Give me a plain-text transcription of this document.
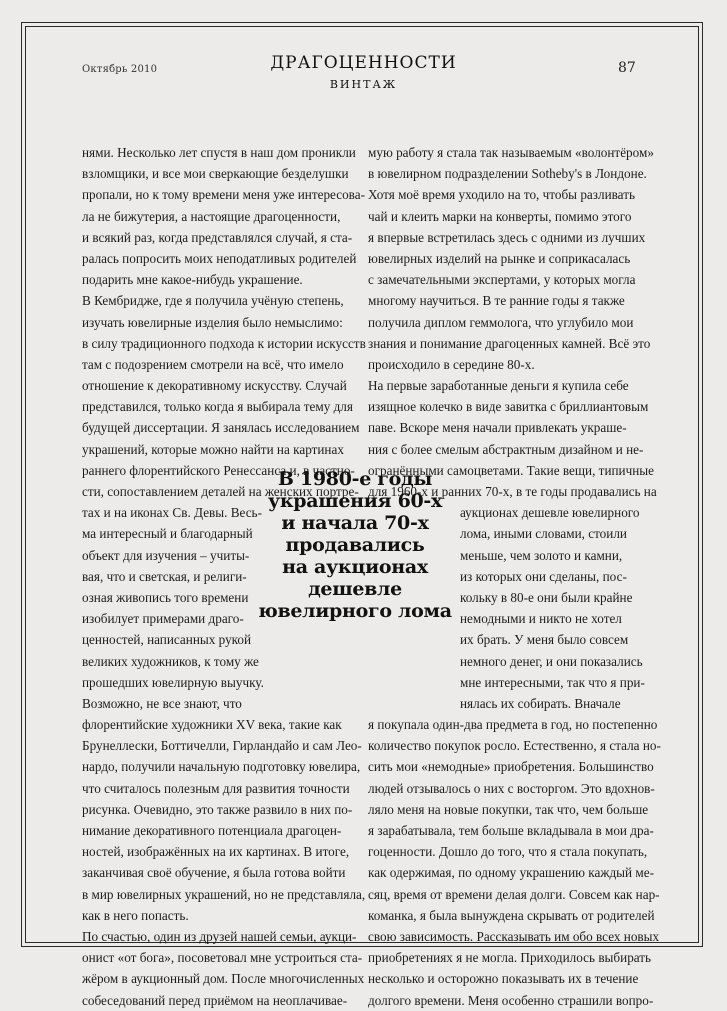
Октябрь 2010	ДРАГОЦЕННОСТИ
ВИНТАЖ
87
нями. Несколько лет спустя в наш дом проникли
взломщики, и все мои сверкающие безделушки
пропали, но к тому времени меня уже интересова-
ла не бижутерия, а настоящие драгоценности,
и всякий раз, когда представлялся случай, я ста-
ралась попросить моих неподатливых родителей
подарить мне какое-нибудь украшение.
В Кембридже, где я получила учёную степень,
изучать ювелирные изделия было немыслимо:
в силу традиционного подхода к истории искусств
там с подозрением смотрели на всё, что имело
отношение к декоративному искусству. Случай
представился, только когда я выбирала тему для
будущей диссертации. Я занялась исследованием
украшений, которые можно найти на картинах
раннего флорентийского Ренессанса и, в частно-
сти, сопоставлением деталей на женских портре-
тах и на иконах Св. Девы. Весь-
ма интересный и благодарный
объект для изучения – учиты-
вая, что и светская, и религи-
озная живопись того времени
изобилует примерами драго-
ценностей, написанных рукой
великих художников, к тому же
прошедших ювелирную выучку.
Возможно, не все знают, что
флорентийские художники XV века, такие как
Брунеллески, Боттичелли, Гирландайо и сам Лео-
нардо, получили начальную подготовку ювелира,
что считалось полезным для развития точности
рисунка. Очевидно, это также развило в них по-
нимание декоративного потенциала драгоцен-
ностей, изображённых на их картинах. В итоге,
заканчивая своё обучение, я была готова войти
в мир ювелирных украшений, но не представляла,
как в него попасть.
По счастью, один из друзей нашей семьи, аукци-
онист «от бога», посоветовал мне устроиться ста-
жёром в аукционный дом. После многочисленных
собеседований перед приёмом на неоплачивае-
мую работу я стала так называемым «волонтёром»
в ювелирном подразделении Sotheby's в Лондоне.
Хотя моё время уходило на то, чтобы разливать
чай и клеить марки на конверты, помимо этого
я впервые встретилась здесь с одними из лучших
ювелирных изделий на рынке и соприкасалась
с замечательными экспертами, у которых могла
многому научиться. В те ранние годы я также
получила диплом геммолога, что углубило мои
знания и понимание драгоценных камней. Всё это
происходило в середине 80-х.
На первые заработанные деньги я купила себе
изящное колечко в виде завитка с бриллиантовым
паве. Вскоре меня начали привлекать украше-
ния с более смелым абстрактным дизайном и не-
огранёнными самоцветами. Такие вещи, типичные
для 1960-х и ранних 70-х, в те годы продавались на
аукционах дешевле ювелирного
лома, иными словами, стоили
меньше, чем золото и камни,
из которых они сделаны, пос-
кольку в 80-е они были крайне
немодными и никто не хотел
их брать. У меня было совсем
немного денег, и они показались
мне интересными, так что я при-
нялась их собирать. Вначале
я покупала один-два предмета в год, но постепенно
количество покупок росло. Естественно, я стала но-
сить мои «немодные» приобретения. Большинство
людей отзывалось о них с восторгом. Это вдохнов-
ляло меня на новые покупки, так что, чем больше
я зарабатывала, тем больше вкладывала в мои дра-
гоценности. Дошло до того, что я стала покупать,
как одержимая, по одному украшению каждый ме-
сяц, время от времени делая долги. Совсем как нар-
команка, я была вынуждена скрывать от родителей
свою зависимость. Рассказывать им обо всех новых
приобретениях я не могла. Приходилось выбирать
несколько и осторожно показывать их в течение
долгого времени. Меня особенно страшили вопро-
В 1980-е годы
украшения 60-х
и начала 70-х
продавались
на аукционах
дешевле
ювелирного лома
